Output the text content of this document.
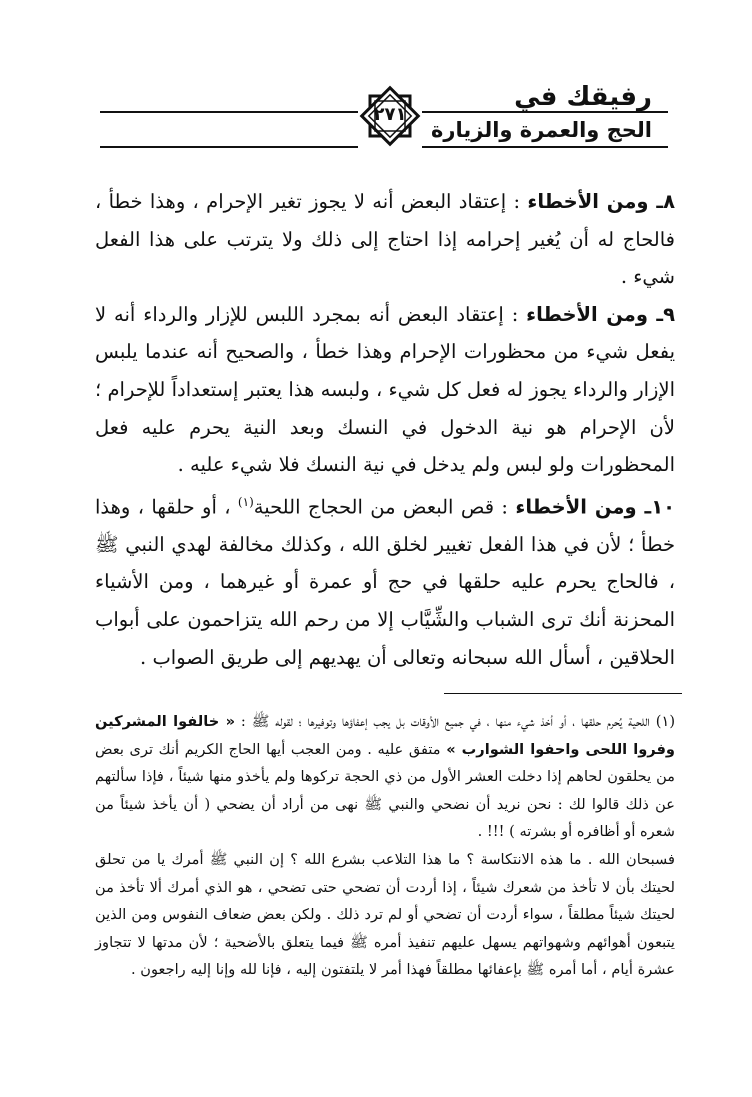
رفيقك في
الحج والعمرة والزيارة
٢٧١

٨ـ ومن الأخطاء : إعتقاد البعض أنه لا يجوز تغير الإحرام ، وهذا خطأ ، فالحاج له أن يُغير إحرامه إذا احتاج إلى ذلك ولا يترتب على هذا الفعل شيء .

٩ـ ومن الأخطاء : إعتقاد البعض أنه بمجرد اللبس للإزار والرداء أنه لا يفعل شيء من محظورات الإحرام وهذا خطأ ، والصحيح أنه عندما يلبس الإزار والرداء يجوز له فعل كل شيء ، ولبسه هذا يعتبر إستعداداً للإحرام ؛ لأن الإحرام هو نية الدخول في النسك وبعد النية يحرم عليه فعل المحظورات ولو لبس ولم يدخل في نية النسك فلا شيء عليه .

١٠ـ ومن الأخطاء : قص البعض من الحجاج اللحية$^{(١)}$ ، أو حلقها ، وهذا خطأ ؛ لأن في هذا الفعل تغيير لخلق الله ، وكذلك مخالفة لهدي النبي ﷺ ، فالحاج يحرم عليه حلقها في حج أو عمرة أو غيرهما ، ومن الأشياء المحزنة أنك ترى الشباب والشِّيَّاب إلا من رحم الله يتزاحمون على أبواب الحلاقين ، أسأل الله سبحانه وتعالى أن يهديهم إلى طريق الصواب .

(١) اللحية يُحرم حلقها ، أو أخذ شيء منها ، في جميع الأوقات بل يجب إعفاؤها وتوفيرها ؛ لقوله ﷺ : « خالفوا المشركين وفروا اللحى واحفوا الشوارب » متفق عليه . ومن العجب أيها الحاج الكريم أنك ترى بعض من يحلقون لحاهم إذا دخلت العشر الأول من ذي الحجة تركوها ولم يأخذو منها شيئاً ، فإذا سألتهم عن ذلك قالوا لك : نحن نريد أن نضحي والنبي ﷺ نهى من أراد أن يضحي ( أن يأخذ شيئاً من شعره أو أظافره أو بشرته ) !!! .

فسبحان الله . ما هذه الانتكاسة ؟ ما هذا التلاعب بشرع الله ؟ إن النبي ﷺ أمرك يا من تحلق لحيتك بأن لا تأخذ من شعرك شيئاً ، إذا أردت أن تضحي حتى تضحي ، هو الذي أمرك ألا تأخذ من لحيتك شيئاً مطلقاً ، سواء أردت أن تضحي أو لم ترد ذلك . ولكن بعض ضعاف النفوس ومن الذين يتبعون أهوائهم وشهواتهم يسهل عليهم تنفيذ أمره ﷺ فيما يتعلق بالأضحية ؛ لأن مدتها لا تتجاوز عشرة أيام ، أما أمره ﷺ بإعفائها مطلقاً فهذا أمر لا يلتفتون إليه ، فإنا لله وإنا إليه راجعون .
